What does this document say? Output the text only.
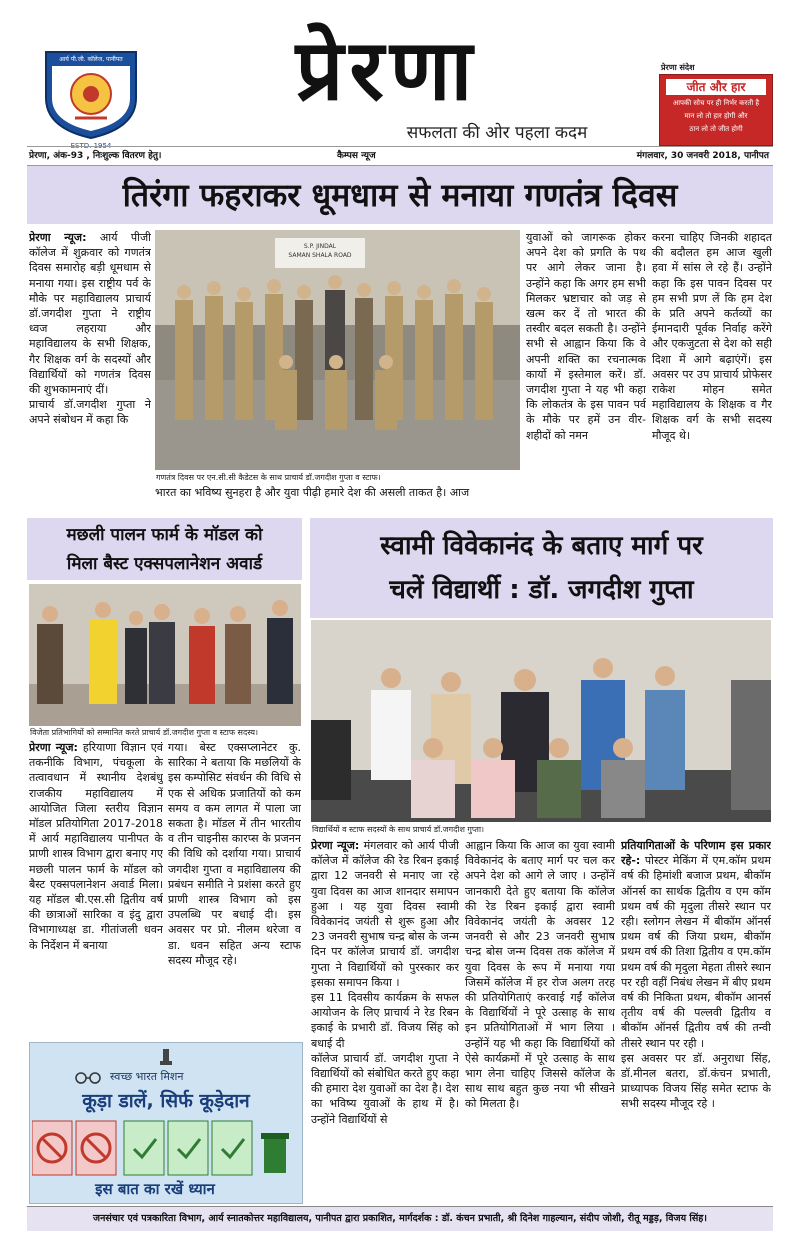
आर्य पी.जी. कॉलेज, पानीपत
ESTD. 1954
प्रेरणा
सफलता की ओर पहला कदम
प्रेरणा संदेश
जीत और हार
आपकी सोच पर ही निर्भर करती है
मान लो तो हार होगी और
ठान लो तो जीत होगी
प्रेरणा, अंक-93 , निःशुल्क वितरण हेतु।	कैम्पस न्यूज	मंगलवार, 30 जनवरी 2018, पानीपत
तिरंगा फहराकर धूमधाम से मनाया गणतंत्र दिवस
प्रेरणा न्यूज: आर्य पीजी कॉलेज में शुक्रवार को गणतंत्र दिवस समारोह बड़ी धूमधाम से मनाया गया। इस राष्ट्रीय पर्व के मौके पर महाविद्यालय प्राचार्य डॉ.जगदीश गुप्ता ने राष्ट्रीय ध्वज लहराया और महाविद्यालय के सभी शिक्षक, गैर शिक्षक वर्ग के सदस्यों और विद्यार्थियों को गणतंत्र दिवस की शुभकामनाएं दीं।
प्राचार्य डॉ.जगदीश गुप्ता ने अपने संबोधन में कहा कि
S.P. JINDAL
SAMAN SHALA ROAD
गणतंत्र दिवस पर एन.सी.सी कैडेटस के साथ प्राचार्य डॉ.जगदीश गुप्ता व स्टाफ।
भारत का भविष्य सुनहरा है और युवा पीढ़ी हमारे देश की असली ताकत है। आज
युवाओं को जागरूक होकर अपने देश को प्रगति के पथ पर आगे लेकर जाना है। उन्होंने कहा कि अगर हम सभी मिलकर भ्रष्टाचार को जड़ से खत्म कर दें तो भारत की तस्वीर बदल सकती है। उन्होंने सभी से आह्वान किया कि वे अपनी शक्ति का रचनात्मक कार्यो में इस्तेमाल करें। डॉ. जगदीश गुप्ता ने यह भी कहा कि लोकतंत्र के इस पावन पर्व के मौके पर हमें उन वीर-शहीदों को नमन
करना चाहिए जिनकी शहादत की बदौलत हम आज खुली हवा में सांस ले रहे हैं। उन्होंने कहा कि इस पावन दिवस पर हम सभी प्रण लें कि हम देश के प्रति अपने कर्तव्यों का ईमानदारी पूर्वक निर्वाह करेंगे और एकजुटता से देश को सही दिशा में आगे बढ़ाएंगें। इस अवसर पर उप प्राचार्य प्रोफेसर राकेश मोहन समेत महाविद्यालय के शिक्षक व गैर शिक्षक वर्ग के सभी सदस्य मौजूद थे।
मछली पालन फार्म के मॉडल को
मिला बैस्ट एक्सपलानेशन अवार्ड
विजेता प्रतिभागियों को सम्मानित करते प्राचार्य डॉ.जगदीश गुप्ता व स्टाफ सदस्य।
प्रेरणा न्यूज: हरियाणा विज्ञान एवं तकनीकि विभाग, पंचकूला के तत्वावधान में स्थानीय देशबंधु राजकीय महाविद्यालय में आयोजित जिला स्तरीय विज्ञान मॉडल प्रतियोगिता 2017-2018 में आर्य महाविद्यालय पानीपत के प्राणी शास्त्र विभाग द्वारा बनाए गए मछली पालन फार्म के मॉडल को बैस्ट एक्सपलानेशन अवार्ड मिला। यह मॉडल बी.एस.सी द्वितीय वर्ष की छात्राओं सारिका व इंदु द्वारा विभागाध्यक्ष डा. गीतांजली धवन के निर्देशन में बनाया
गया। बेस्ट एक्सप्लानेटर कु. सारिका ने बताया कि मछलियों के इस कम्पोसिट संवर्धन की विधि से एक से अधिक प्रजातियों को कम समय व कम लागत में पाला जा सकता है। मॉडल में तीन भारतीय व तीन चाइनीस कारप्स के प्रजनन की विधि को दर्शाया गया। प्राचार्य जगदीश गुप्ता व महाविद्यालय की प्रबंधन समीति ने प्रशंसा करते हुए प्राणी शास्त्र विभाग को इस उपलब्धि पर बधाई दी। इस अवसर पर प्रो. नीलम थरेजा व डा. धवन सहित अन्य स्टाफ सदस्य मौजूद रहे।
स्वच्छ भारत मिशन
कूड़ा डालें, सिर्फ कूड़ेदान
इस बात का रखें ध्यान
स्वामी विवेकानंद के बताए मार्ग पर
चलें विद्यार्थी : डॉ. जगदीश गुप्ता
विद्यार्थियों व स्टाफ सदस्यों के साथ प्राचार्य डॉ.जगदीश गुप्ता।
प्रेरणा न्यूज: मंगलवार को आर्य पीजी कॉलेज में कॉलेज की रेड रिबन इकाई द्वारा 12 जनवरी से मनाए जा रहे युवा दिवस का आज शानदार समापन हुआ । यह युवा दिवस स्वामी विवेकानंद जयंती से शुरू हुआ और 23 जनवरी सुभाष चन्द्र बोस के जन्म दिन पर कॉलेज प्राचार्य डॉ. जगदीश गुप्ता ने विद्यार्थियों को पुरस्कार कर इसका समापन किया ।
इस 11 दिवसीय कार्यक्रम के सफल आयोजन के लिए प्राचार्य ने रेड रिबन इकाई के प्रभारी डॉ. विजय सिंह को बधाई दी
कॉलेज प्राचार्य डॉ. जगदीश गुप्ता ने विद्यार्थियों को संबोधित करते हुए कहा की हमारा देश युवाओं का देश है। देश का भविष्य युवाओं के हाथ में है। उन्होंने विद्यार्थियों से
आह्वान किया कि आज का युवा स्वामी विवेकानंद के बताए मार्ग पर चल कर अपने देश को आगे ले जाए । उन्होंनें जानकारी देते हुए बताया कि कॉलेज की रेड रिबन इकाई द्वारा स्वामी विवेकानंद जयंती के अवसर 12 जनवरी से और 23 जनवरी सुभाष चन्द्र बोस जन्म दिवस तक कॉलेज में युवा दिवस के रूप में मनाया गया जिसमें कॉलेज में हर रोज अलग तरह की प्रतियोगिताएं करवाई गईं कॉलेज के विद्यार्थियों ने पूरे उत्साह के साथ इन प्रतियोगिताओं में भाग लिया । उन्होंनें यह भी कहा कि विद्यार्थियों को ऐसे कार्यक्रमों में पूरे उत्साह के साथ भाग लेना चाहिए जिससे कॉलेज के साथ साथ बहुत कुछ नया भी सीखने को मिलता है।
प्रतियागिताओं के परिणाम इस प्रकार रहे-: पोस्टर मेकिंग में एम.कॉम प्रथम वर्ष की हिमांशी बजाज प्रथम, बीकॉम ऑनर्स का सार्थक द्वितीय व एम कॉम प्रथम वर्ष की मृदुला तीसरे स्थान पर रही। स्लोगन लेखन में बीकॉम ऑनर्स प्रथम वर्ष की जिया प्रथम, बीकॉम प्रथम वर्ष की तिशा द्वितीय व एम.कॉम प्रथम वर्ष की मृदुला मेहता तीसरे स्थान पर रही वहीं निबंध लेखन में बीए प्रथम वर्ष की निकिता प्रथम, बीकॉम आनर्स तृतीय वर्ष की पल्लवी द्वितीय व बीकॉम ऑनर्स द्वितीय वर्ष की तन्वी तीसरे स्थान पर रही ।
इस अवसर पर डॉ. अनुराधा सिंह, डॉ.मीनल बतरा, डॉ.कंचन प्रभाती, प्राध्यापक विजय सिंह समेत स्टाफ के सभी सदस्य मौजूद रहे ।
जनसंचार एवं पत्रकारिता विभाग, आर्य स्नातकोत्तर महाविद्यालय, पानीपत द्वारा प्रकाशित, मार्गदर्शक : डॉ. कंचन प्रभाती, श्री दिनेश गाहल्यान, संदीप जोशी, रीतू मड्डड़, विजय सिंह।
